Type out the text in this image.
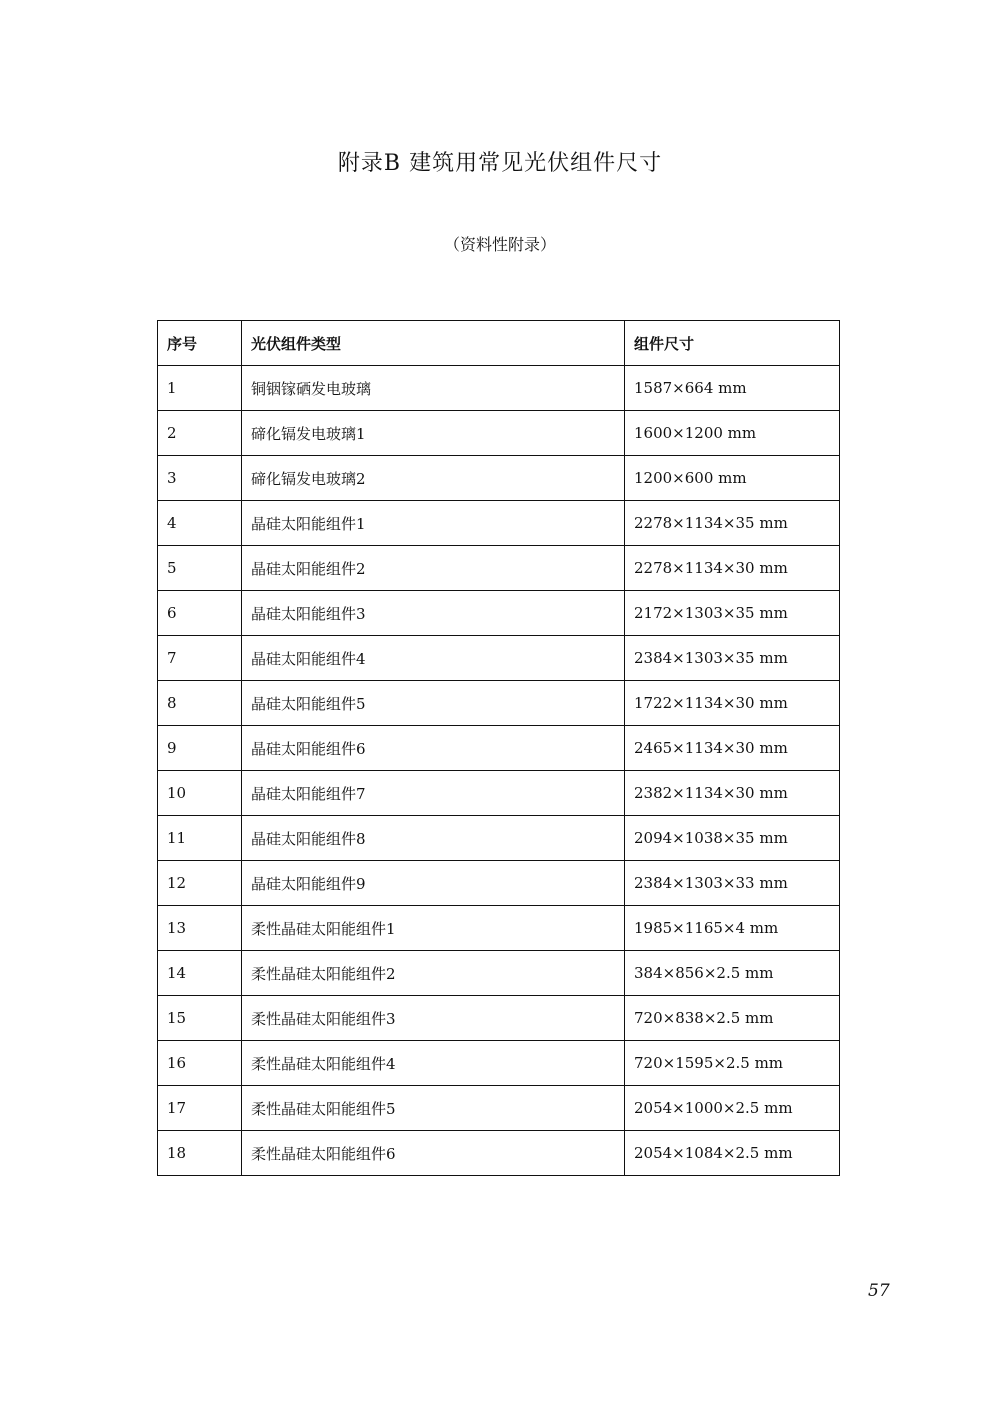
附录B 建筑用常见光伏组件尺寸
（资料性附录）
序号	光伏组件类型	组件尺寸
1	铜铟镓硒发电玻璃	1587×664 mm
2	碲化镉发电玻璃1	1600×1200 mm
3	碲化镉发电玻璃2	1200×600 mm
4	晶硅太阳能组件1	2278×1134×35 mm
5	晶硅太阳能组件2	2278×1134×30 mm
6	晶硅太阳能组件3	2172×1303×35 mm
7	晶硅太阳能组件4	2384×1303×35 mm
8	晶硅太阳能组件5	1722×1134×30 mm
9	晶硅太阳能组件6	2465×1134×30 mm
10	晶硅太阳能组件7	2382×1134×30 mm
11	晶硅太阳能组件8	2094×1038×35 mm
12	晶硅太阳能组件9	2384×1303×33 mm
13	柔性晶硅太阳能组件1	1985×1165×4 mm
14	柔性晶硅太阳能组件2	384×856×2.5 mm
15	柔性晶硅太阳能组件3	720×838×2.5 mm
16	柔性晶硅太阳能组件4	720×1595×2.5 mm
17	柔性晶硅太阳能组件5	2054×1000×2.5 mm
18	柔性晶硅太阳能组件6	2054×1084×2.5 mm
57
